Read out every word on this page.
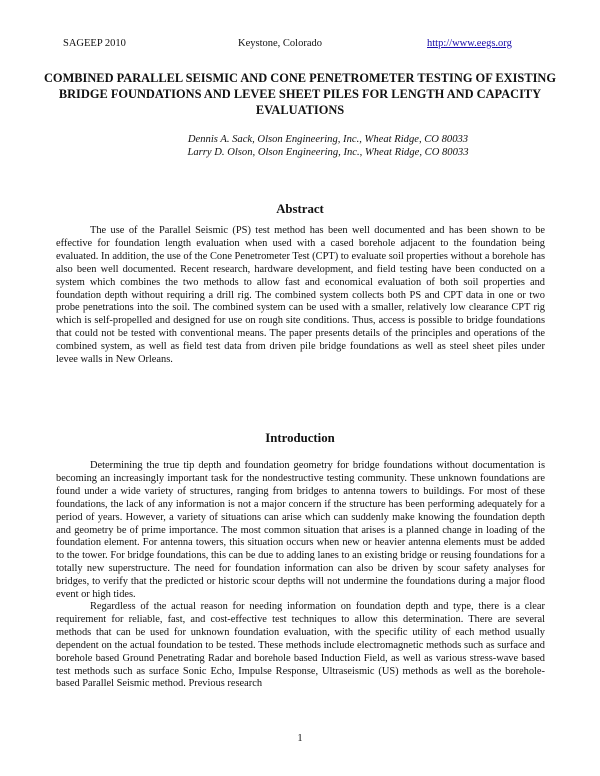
SAGEEP 2010	Keystone, Colorado	http://www.eegs.org
COMBINED PARALLEL SEISMIC AND CONE PENETROMETER TESTING OF EXISTING BRIDGE FOUNDATIONS AND LEVEE SHEET PILES FOR LENGTH AND CAPACITY EVALUATIONS
Dennis A. Sack, Olson Engineering, Inc., Wheat Ridge, CO 80033
Larry D. Olson, Olson Engineering, Inc., Wheat Ridge, CO 80033
Abstract

The use of the Parallel Seismic (PS) test method has been well documented and has been shown to be effective for foundation length evaluation when used with a cased borehole adjacent to the foundation being evaluated. In addition, the use of the Cone Penetrometer Test (CPT) to evaluate soil properties without a borehole has also been well documented. Recent research, hardware development, and field testing have been conducted on a system which combines the two methods to allow fast and economical evaluation of both soil properties and foundation depth without requiring a drill rig. The combined system collects both PS and CPT data in one or two probe penetrations into the soil. The combined system can be used with a smaller, relatively low clearance CPT rig which is self-propelled and designed for use on rough site conditions. Thus, access is possible to bridge foundations that could not be tested with conventional means. The paper presents details of the principles and operations of the combined system, as well as field test data from driven pile bridge foundations as well as steel sheet piles under levee walls in New Orleans.

Introduction

Determining the true tip depth and foundation geometry for bridge foundations without documentation is becoming an increasingly important task for the nondestructive testing community. These unknown foundations are found under a wide variety of structures, ranging from bridges to antenna towers to buildings. For most of these foundations, the lack of any information is not a major concern if the structure has been performing adequately for a period of years. However, a variety of situations can arise which can suddenly make knowing the foundation depth and geometry be of prime importance. The most common situation that arises is a planned change in loading of the foundation element. For antenna towers, this situation occurs when new or heavier antenna elements must be added to the tower. For bridge foundations, this can be due to adding lanes to an existing bridge or reusing foundations for a totally new superstructure. The need for foundation information can also be driven by scour safety analyses for bridges, to verify that the predicted or historic scour depths will not undermine the foundations during a major flood event or high tides.

Regardless of the actual reason for needing information on foundation depth and type, there is a clear requirement for reliable, fast, and cost-effective test techniques to allow this determination. There are several methods that can be used for unknown foundation evaluation, with the specific utility of each method usually dependent on the actual foundation to be tested. These methods include electromagnetic methods such as surface and borehole based Ground Penetrating Radar and borehole based Induction Field, as well as various stress-wave based test methods such as surface Sonic Echo, Impulse Response, Ultraseismic (US) methods as well as the borehole-based Parallel Seismic method. Previous research

1
